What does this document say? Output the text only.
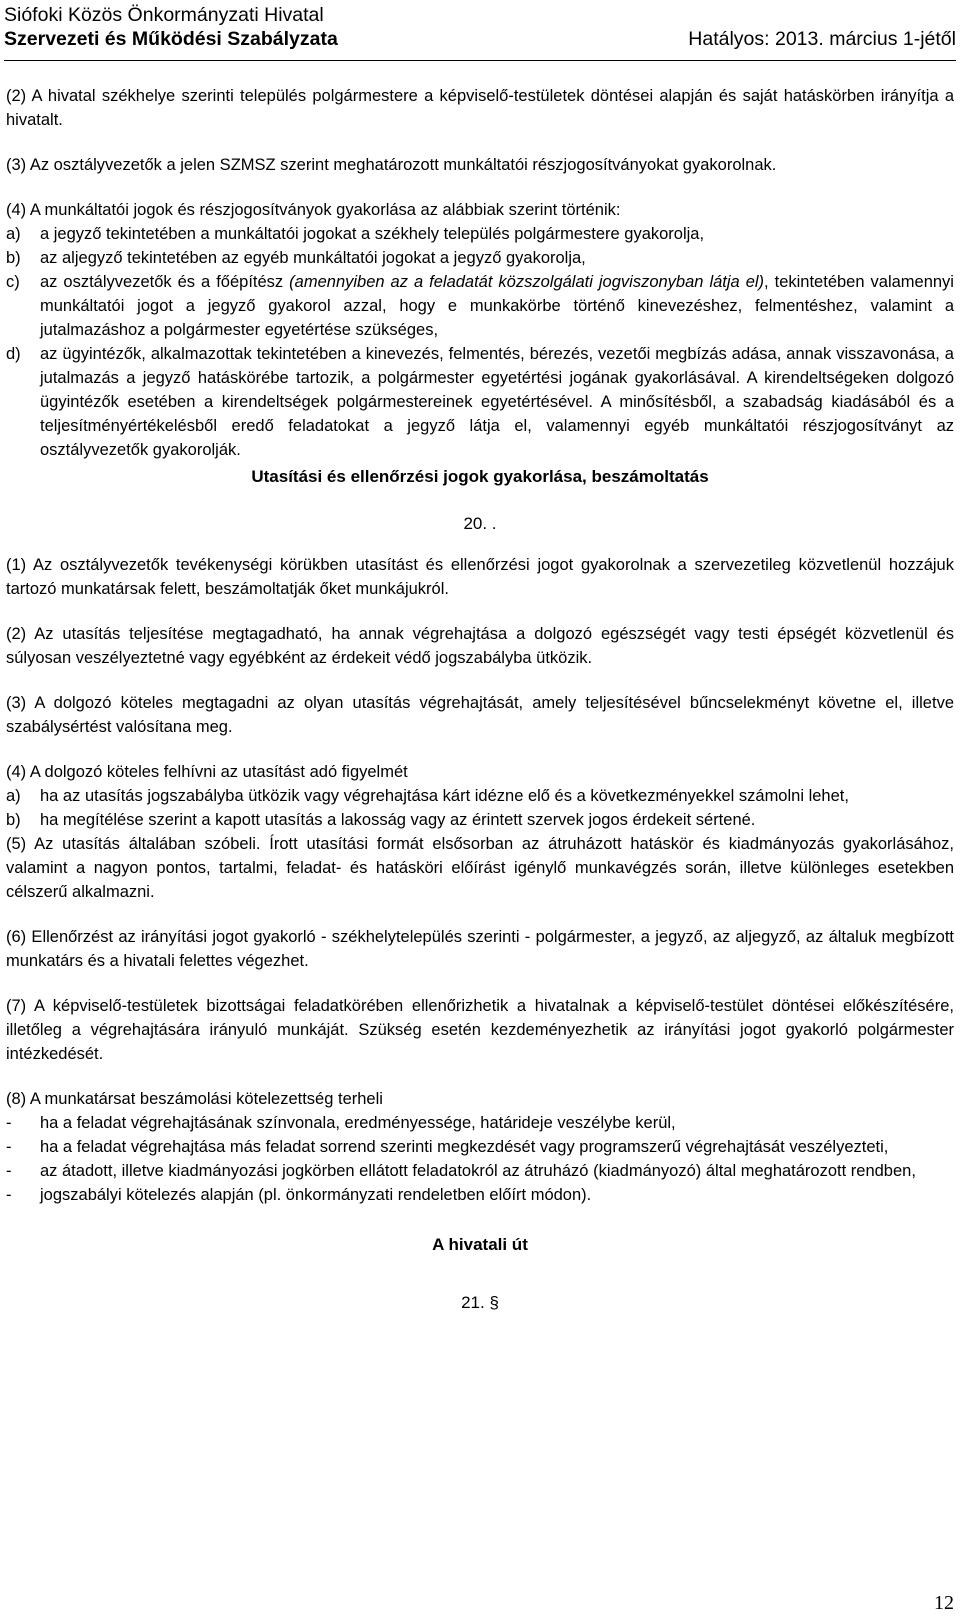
Siófoki Közös Önkormányzati Hivatal
Szervezeti és Működési Szabályzata	Hatályos: 2013. március 1-jétől

(2) A hivatal székhelye szerinti település polgármestere a képviselő-testületek döntései alapján és saját hatáskörben irányítja a hivatalt.

(3) Az osztályvezetők a jelen SZMSZ szerint meghatározott munkáltatói részjogosítványokat gyakorolnak.

(4) A munkáltatói jogok és részjogosítványok gyakorlása az alábbiak szerint történik:

a)	a jegyző tekintetében a munkáltatói jogokat a székhely település polgármestere gyakorolja,
b)	az aljegyző tekintetében az egyéb munkáltatói jogokat a jegyző gyakorolja,
c)	az osztályvezetők és a főépítész (amennyiben az a feladatát közszolgálati jogviszonyban látja el), tekintetében valamennyi munkáltatói jogot a jegyző gyakorol azzal, hogy e munkakörbe történő kinevezéshez, felmentéshez, valamint a jutalmazáshoz a polgármester egyetértése szükséges,
d)	az ügyintézők, alkalmazottak tekintetében a kinevezés, felmentés, bérezés, vezetői megbízás adása, annak visszavonása, a jutalmazás a jegyző hatáskörébe tartozik, a polgármester egyetértési jogának gyakorlásával. A kirendeltségeken dolgozó ügyintézők esetében a kirendeltségek polgármestereinek egyetértésével. A minősítésből, a szabadság kiadásából és a teljesítményértékelésből eredő feladatokat a jegyző látja el, valamennyi egyéb munkáltatói részjogosítványt az osztályvezetők gyakorolják.
Utasítási és ellenőrzési jogok gyakorlása, beszámoltatás
20. .

(1) Az osztályvezetők tevékenységi körükben utasítást és ellenőrzési jogot gyakorolnak a szervezetileg közvetlenül hozzájuk tartozó munkatársak felett, beszámoltatják őket munkájukról.

(2) Az utasítás teljesítése megtagadható, ha annak végrehajtása a dolgozó egészségét vagy testi épségét közvetlenül és súlyosan veszélyeztetné vagy egyébként az érdekeit védő jogszabályba ütközik.

(3) A dolgozó köteles megtagadni az olyan utasítás végrehajtását, amely teljesítésével bűncselekményt követne el, illetve szabálysértést valósítana meg.

(4) A dolgozó köteles felhívni az utasítást adó figyelmét

a)	ha az utasítás jogszabályba ütközik vagy végrehajtása kárt idézne elő és a következményekkel számolni lehet,
b)	ha megítélése szerint a kapott utasítás a lakosság vagy az érintett szervek jogos érdekeit sértené.

(5) Az utasítás általában szóbeli. Írott utasítási formát elsősorban az átruházott hatáskör és kiadmányozás gyakorlásához, valamint a nagyon pontos, tartalmi, feladat- és hatásköri előírást igénylő munkavégzés során, illetve különleges esetekben célszerű alkalmazni.

(6) Ellenőrzést az irányítási jogot gyakorló - székhelytelepülés szerinti - polgármester, a jegyző, az aljegyző, az általuk megbízott munkatárs és a hivatali felettes végezhet.

(7) A képviselő-testületek bizottságai feladatkörében ellenőrizhetik a hivatalnak a képviselő-testület döntései előkészítésére, illetőleg a végrehajtására irányuló munkáját. Szükség esetén kezdeményezhetik az irányítási jogot gyakorló polgármester intézkedését.

(8) A munkatársat beszámolási kötelezettség terheli

-	ha a feladat végrehajtásának színvonala, eredményessége, határideje veszélybe kerül,
-	ha a feladat végrehajtása más feladat sorrend szerinti megkezdését vagy programszerű végrehajtását veszélyezteti,
-	az átadott, illetve kiadmányozási jogkörben ellátott feladatokról az átruházó (kiadmányozó) által meghatározott rendben,
-	jogszabályi kötelezés alapján (pl. önkormányzati rendeletben előírt módon).
A hivatali út
21. §
12
